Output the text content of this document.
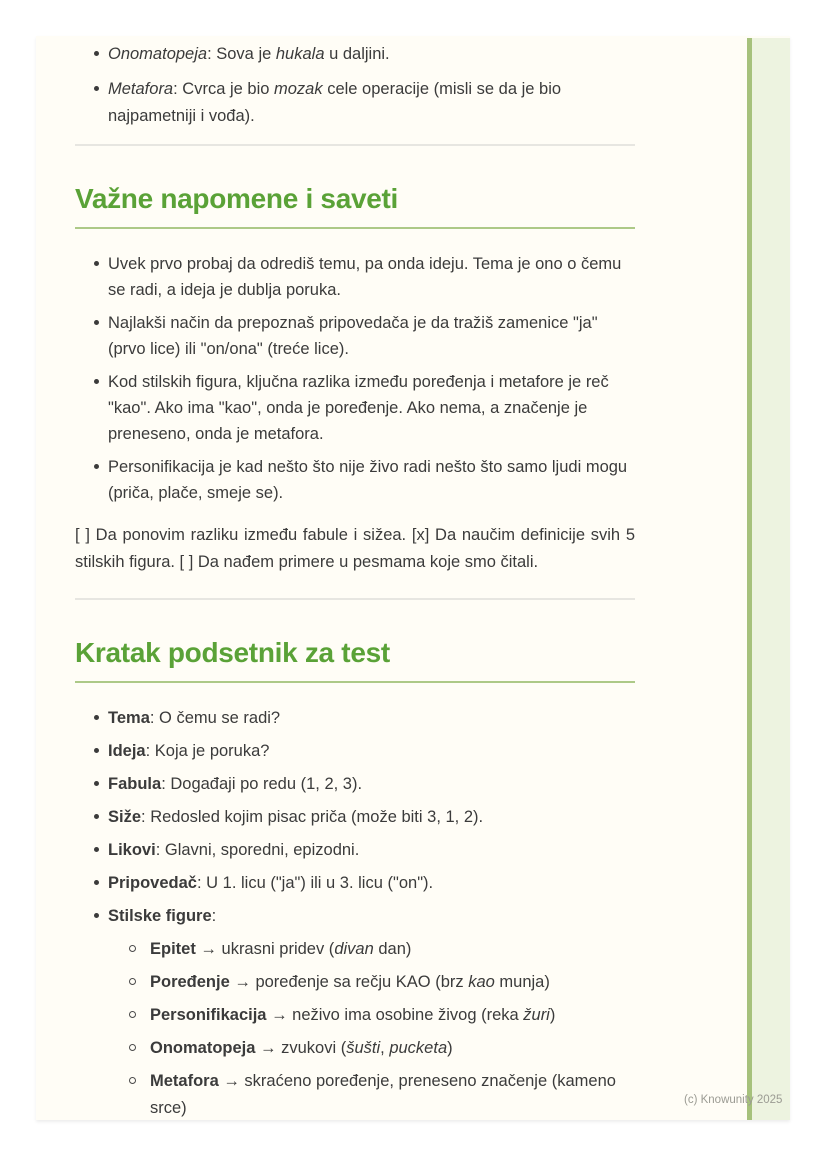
Onomatopeja: Sova je hukala u daljini.
Metafora: Cvrca je bio mozak cele operacije (misli se da je bio najpametniji i vođa).
Važne napomene i saveti
Uvek prvo probaj da odrediš temu, pa onda ideju. Tema je ono o čemu se radi, a ideja je dublja poruka.
Najlakši način da prepoznaš pripovedača je da tražiš zamenice "ja" (prvo lice) ili "on/ona" (treće lice).
Kod stilskih figura, ključna razlika između poređenja i metafore je reč "kao". Ako ima "kao", onda je poređenje. Ako nema, a značenje je preneseno, onda je metafora.
Personifikacija je kad nešto što nije živo radi nešto što samo ljudi mogu (priča, plače, smeje se).

[ ] Da ponovim razliku između fabule i sižea. [x] Da naučim definicije svih 5 stilskih figura. [ ] Da nađem primere u pesmama koje smo čitali.

Kratak podsetnik za test
Tema: O čemu se radi?
Ideja: Koja je poruka?
Fabula: Događaji po redu (1, 2, 3).
Siže: Redosled kojim pisac priča (može biti 3, 1, 2).
Likovi: Glavni, sporedni, epizodni.
Pripovedač: U 1. licu ("ja") ili u 3. licu ("on").
Stilske figure:
Epitet → ukrasni pridev (divan dan)
Poređenje → poređenje sa rečju KAO (brz kao munja)
Personifikacija → neživo ima osobine živog (reka žuri)
Onomatopeja → zvukovi (šušti, pucketa)
Metafora → skraćeno poređenje, preneseno značenje (kameno srce)	(c) Knowunity 2025
